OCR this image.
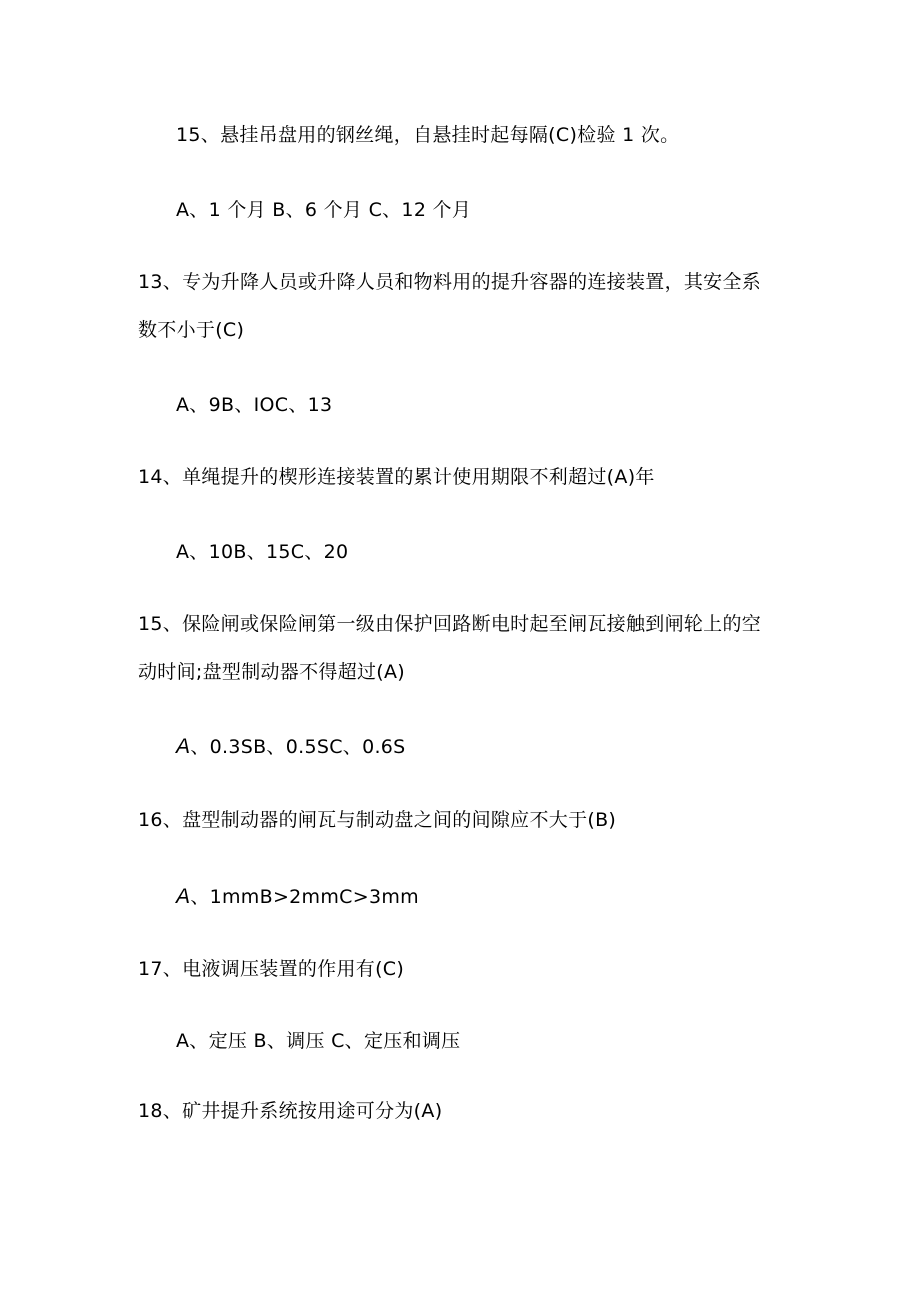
15、悬挂吊盘用的钢丝绳，自悬挂时起每隔(C)检验 1 次。
A、1 个月 B、6 个月 C、12 个月
13、专为升降人员或升降人员和物料用的提升容器的连接装置，其安全系
数不小于(C)
A、9B、IOC、13
14、单绳提升的楔形连接装置的累计使用期限不利超过(A)年
A、10B、15C、20
15、保险闸或保险闸第一级由保护回路断电时起至闸瓦接触到闸轮上的空
动时间;盘型制动器不得超过(A)
A、0.3SB、0.5SC、0.6S
16、盘型制动器的闸瓦与制动盘之间的间隙应不大于(B)
A、1mmB>2mmC>3mm
17、电液调压装置的作用有(C)
A、定压 B、调压 C、定压和调压
18、矿井提升系统按用途可分为(A)
